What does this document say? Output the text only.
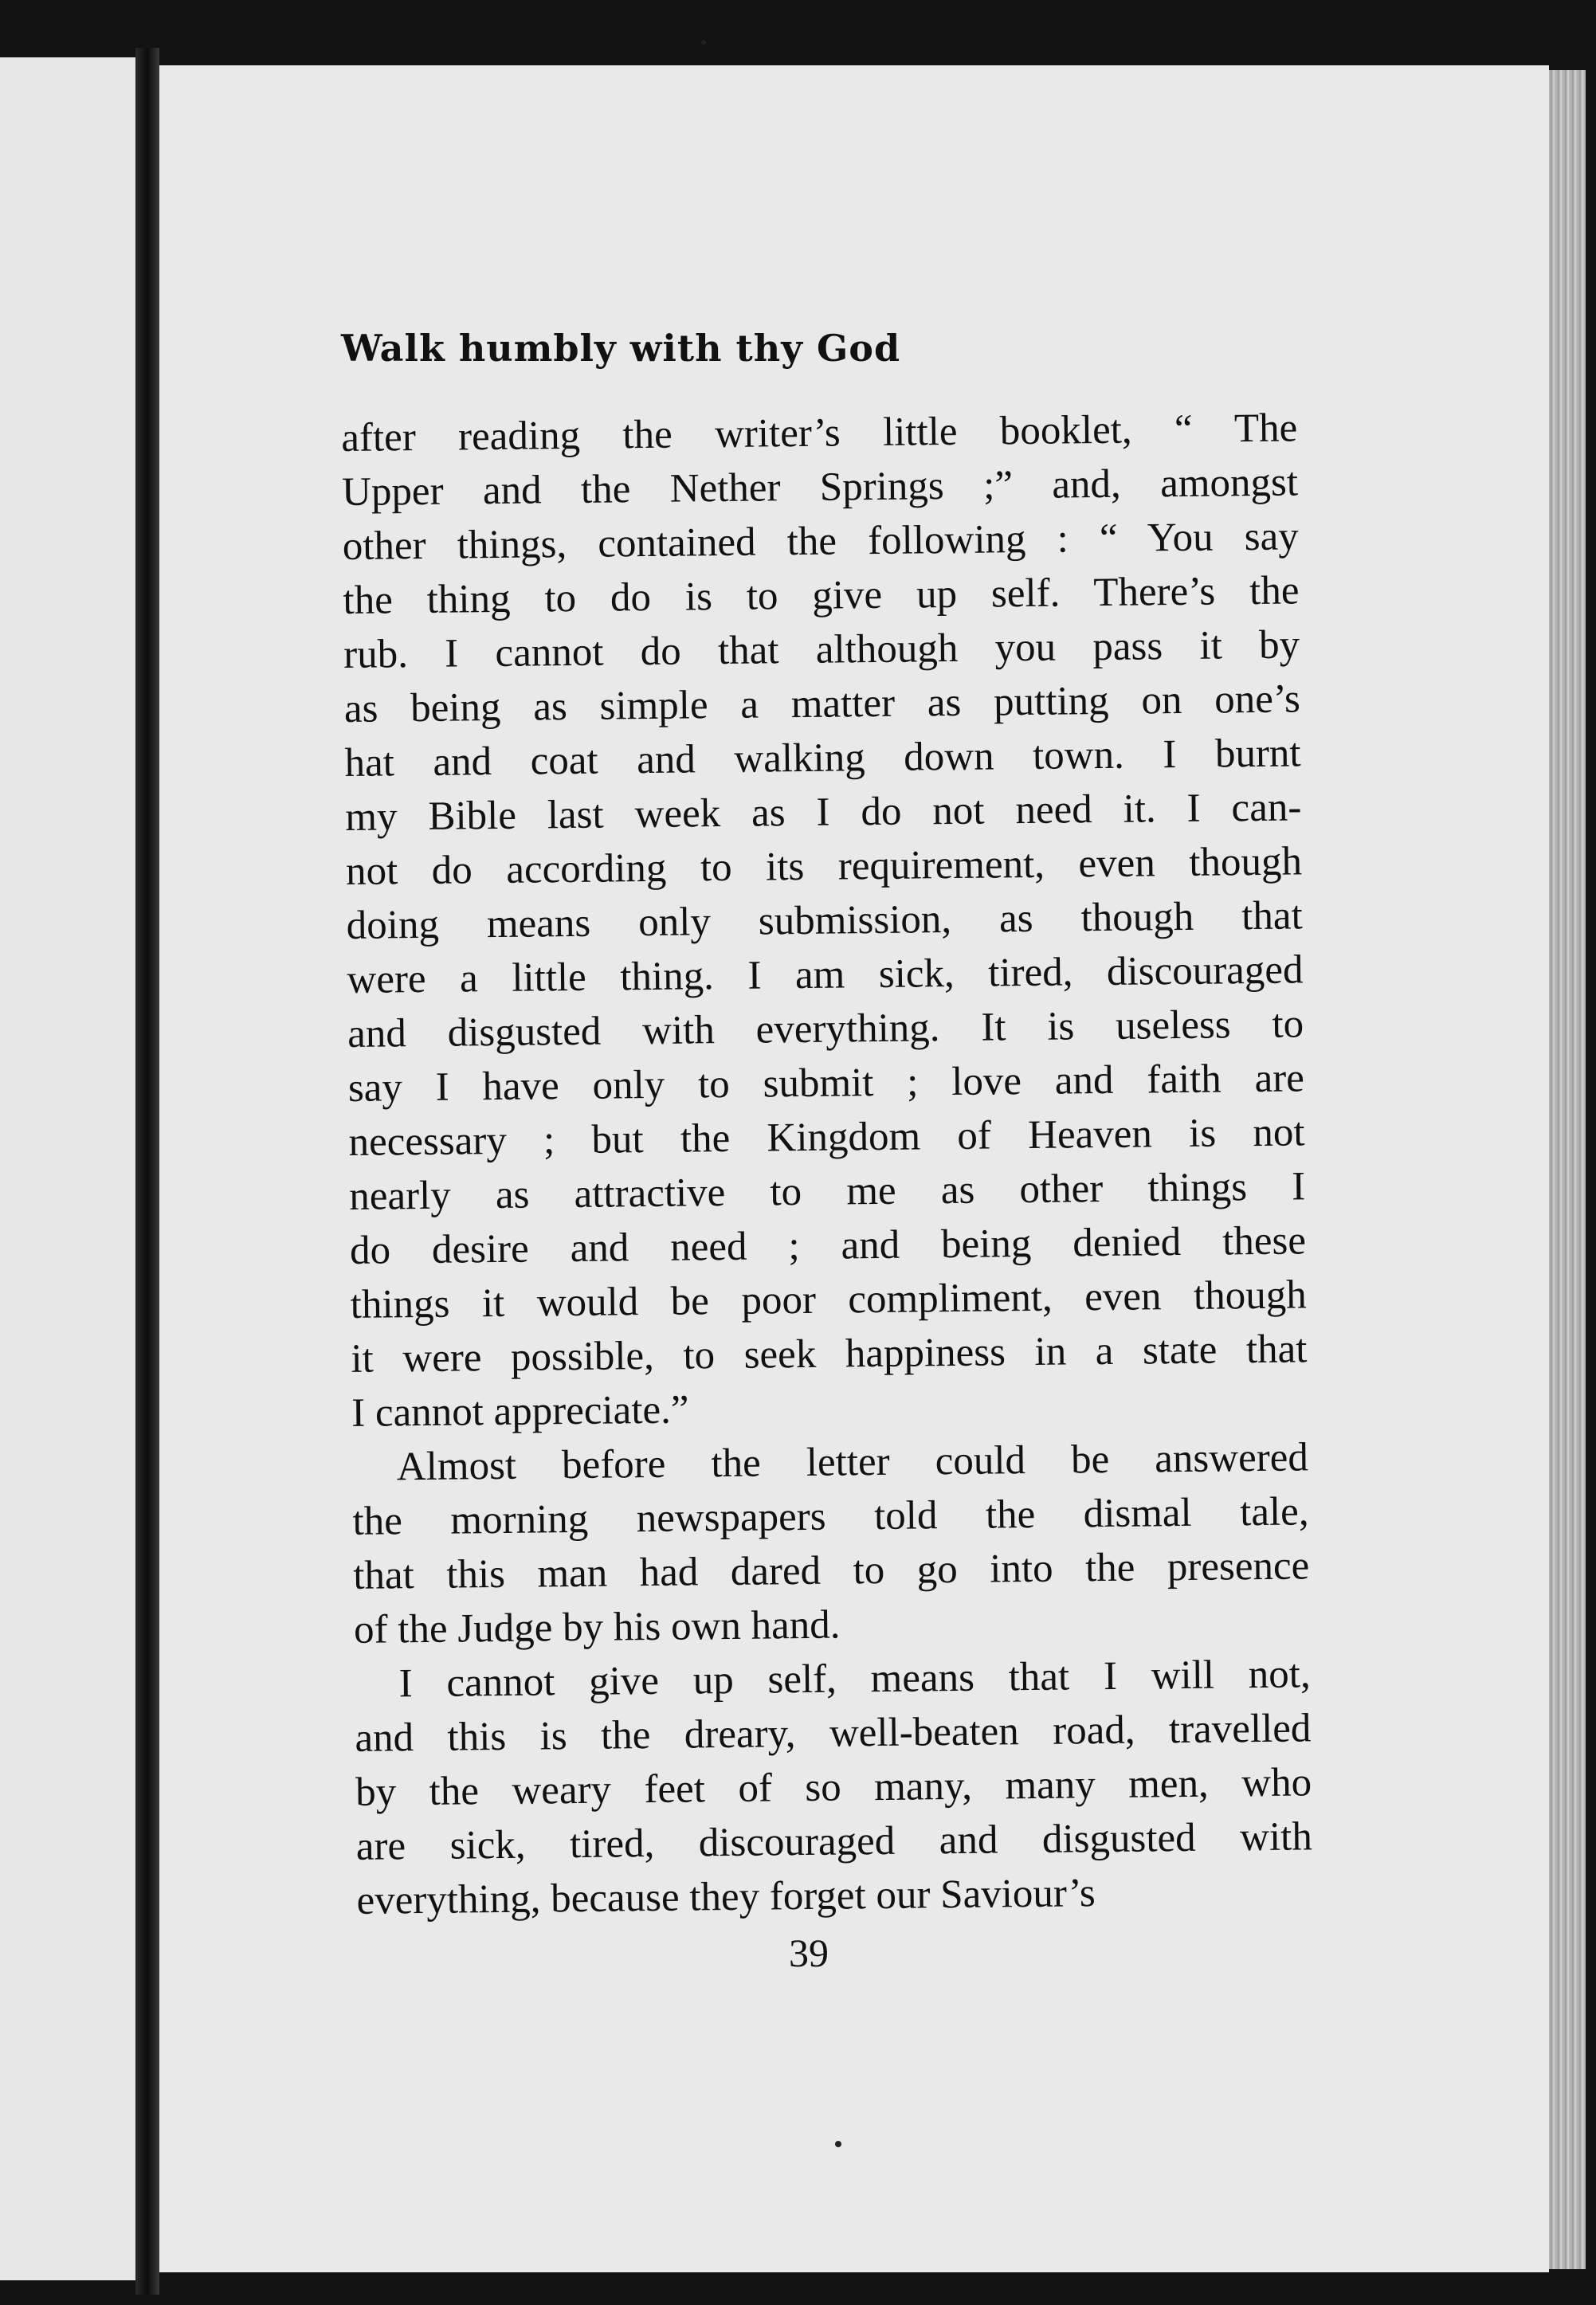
Walk humbly with thy God
after reading the writer’s little booklet, “ The
Upper and the Nether Springs ;” and, amongst
other things, contained the following : “ You say
the thing to do is to give up self. There’s the
rub. I cannot do that although you pass it by
as being as simple a matter as putting on one’s
hat and coat and walking down town. I burnt
my Bible last week as I do not need it. I can-
not do according to its requirement, even though
doing means only submission, as though that
were a little thing. I am sick, tired, discouraged
and disgusted with everything. It is useless to
say I have only to submit ; love and faith are
necessary ; but the Kingdom of Heaven is not
nearly as attractive to me as other things I
do desire and need ; and being denied these
things it would be poor compliment, even though
it were possible, to seek happiness in a state that
I cannot appreciate.”
Almost before the letter could be answered
the morning newspapers told the dismal tale,
that this man had dared to go into the presence
of the Judge by his own hand.
I cannot give up self, means that I will not,
and this is the dreary, well-beaten road, travelled
by the weary feet of so many, many men, who
are sick, tired, discouraged and disgusted with
everything, because they forget our Saviour’s
39
